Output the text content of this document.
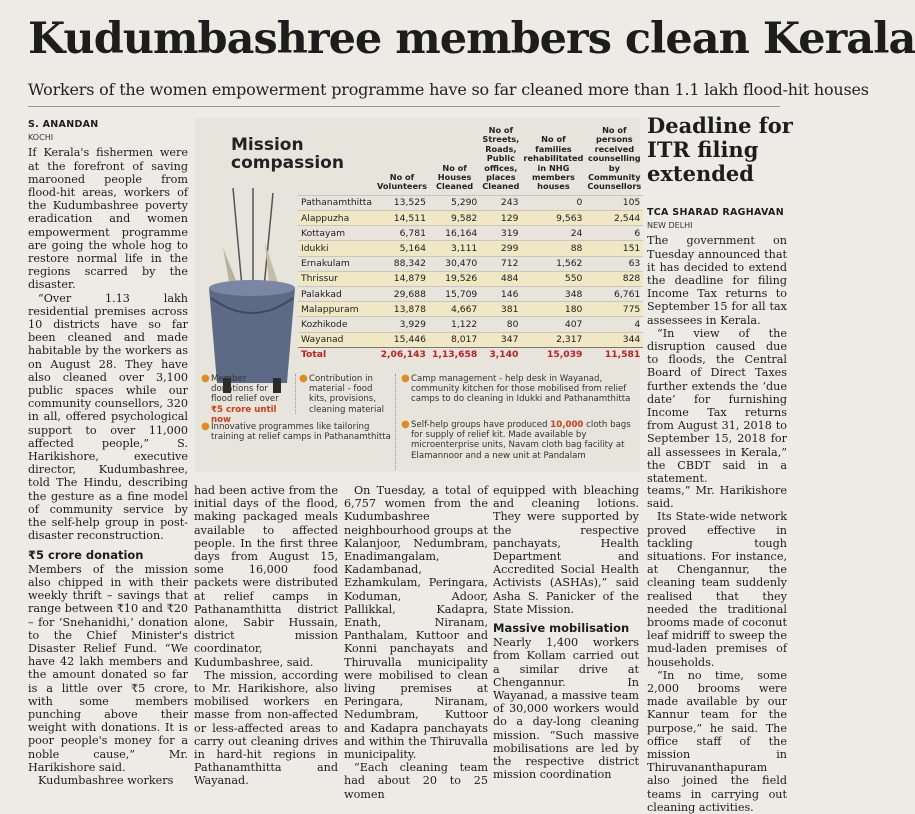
Kudumbashree members clean Kerala
Workers of the women empowerment programme have so far cleaned more than 1.1 lakh flood-hit houses
S. ANANDAN
KOCHI

If Kerala's fishermen were at the forefront of saving marooned people from flood-hit areas, workers of the Kudumbashree poverty eradication and women empowerment programme are going the whole hog to restore normal life in the regions scarred by the disaster.

“Over 1.13 lakh residential premises across 10 districts have so far been cleaned and made habitable by the workers as on August 28. They have also cleaned over 3,100 public spaces while our community counsellors, 320 in all, offered psychological support to over 11,000 affected people,” S. Harikishore, executive director, Kudumbashree, told The Hindu, describing the gesture as a fine model of community service by the self-help group in post-disaster reconstruction.

₹5 crore donation

Members of the mission also chipped in with their weekly thrift – savings that range between ₹10 and ₹20 – for ‘Snehanidhi,’ donation to the Chief Minister's Disaster Relief Fund. “We have 42 lakh members and the amount donated so far is a little over ₹5 crore, with some members punching above their weight with donations. It is poor people's money for a noble cause,” Mr. Harikishore said.

Kudumbashree workers

Mission
compassion
	No of Volunteers	No of Houses Cleaned	No of Streets, Roads, Public offices, places Cleaned	No of families rehabilitated in NHG members houses	No of persons received counselling by Community Counsellors
Pathanamthitta	13,525	5,290	243	0	105
Alappuzha	14,511	9,582	129	9,563	2,544
Kottayam	6,781	16,164	319	24	6
Idukki	5,164	3,111	299	88	151
Ernakulam	88,342	30,470	712	1,562	63
Thrissur	14,879	19,526	484	550	828
Palakkad	29,688	15,709	146	348	6,761
Malappuram	13,878	4,667	381	180	775
Kozhikode	3,929	1,122	80	407	4
Wayanad	15,446	8,017	347	2,317	344
Total	2,06,143	1,13,658	3,140	15,039	11,581
● Member donations for flood relief over
₹5 crore until now
● Contribution in material - food kits, provisions, cleaning material
● Camp management - help desk in Wayanad, community kitchen for those mobilised from relief camps to do cleaning in Idukki and Pathanamthitta
● Innovative programmes like tailoring training at relief camps in Pathanamthitta
● Self-help groups have produced 10,000 cloth bags for supply of relief kit. Made available by microenterprise units, Navam cloth bag facility at Elamannoor and a new unit at Pandalam

had been active from the initial days of the flood, making packaged meals available to affected people. In the first three days from August 15, some 16,000 food packets were distributed at relief camps in Pathanamthitta district alone, Sabir Hussain, district mission coordinator, Kudumbashree, said.

The mission, according to Mr. Harikishore, also mobilised workers en masse from non-affected or less-affected areas to carry out cleaning drives in hard-hit regions in Pathanamthitta and Wayanad.

On Tuesday, a total of 6,757 women from the Kudumbashree neighbourhood groups at Kalanjoor, Nedumbram, Enadimangalam, Kadambanad, Ezhamkulam, Peringara, Koduman, Adoor, Pallikkal, Kadapra, Enath, Niranam, Panthalam, Kuttoor and Konni panchayats and Thiruvalla municipality were mobilised to clean living premises at Peringara, Niranam, Nedumbram, Kuttoor and Kadapra panchayats and within the Thiruvalla municipality.

“Each cleaning team had about 20 to 25 women

equipped with bleaching and cleaning lotions. They were supported by the respective panchayats, Health Department and Accredited Social Health Activists (ASHAs),” said Asha S. Panicker of the State Mission.

Massive mobilisation

Nearly 1,400 workers from Kollam carried out a similar drive at Chengannur. In Wayanad, a massive team of 30,000 workers would do a day-long cleaning mission. “Such massive mobilisations are led by the respective district mission coordination

teams,” Mr. Harikishore said.

Its State-wide network proved effective in tackling tough situations. For instance, at Chengannur, the cleaning team suddenly realised that they needed the traditional brooms made of coconut leaf midriff to sweep the mud-laden premises of households.

“In no time, some 2,000 brooms were made available by our Kannur team for the purpose,” he said. The office staff of the mission in Thiruvananthapuram also joined the field teams in carrying out cleaning activities.

Deadline for ITR filing extended
TCA SHARAD RAGHAVAN
NEW DELHI

The government on Tuesday announced that it has decided to extend the deadline for filing Income Tax returns to September 15 for all tax assessees in Kerala.

“In view of the disruption caused due to floods, the Central Board of Direct Taxes further extends the ‘due date’ for furnishing Income Tax returns from August 31, 2018 to September 15, 2018 for all assessees in Kerala,” the CBDT said in a statement.
